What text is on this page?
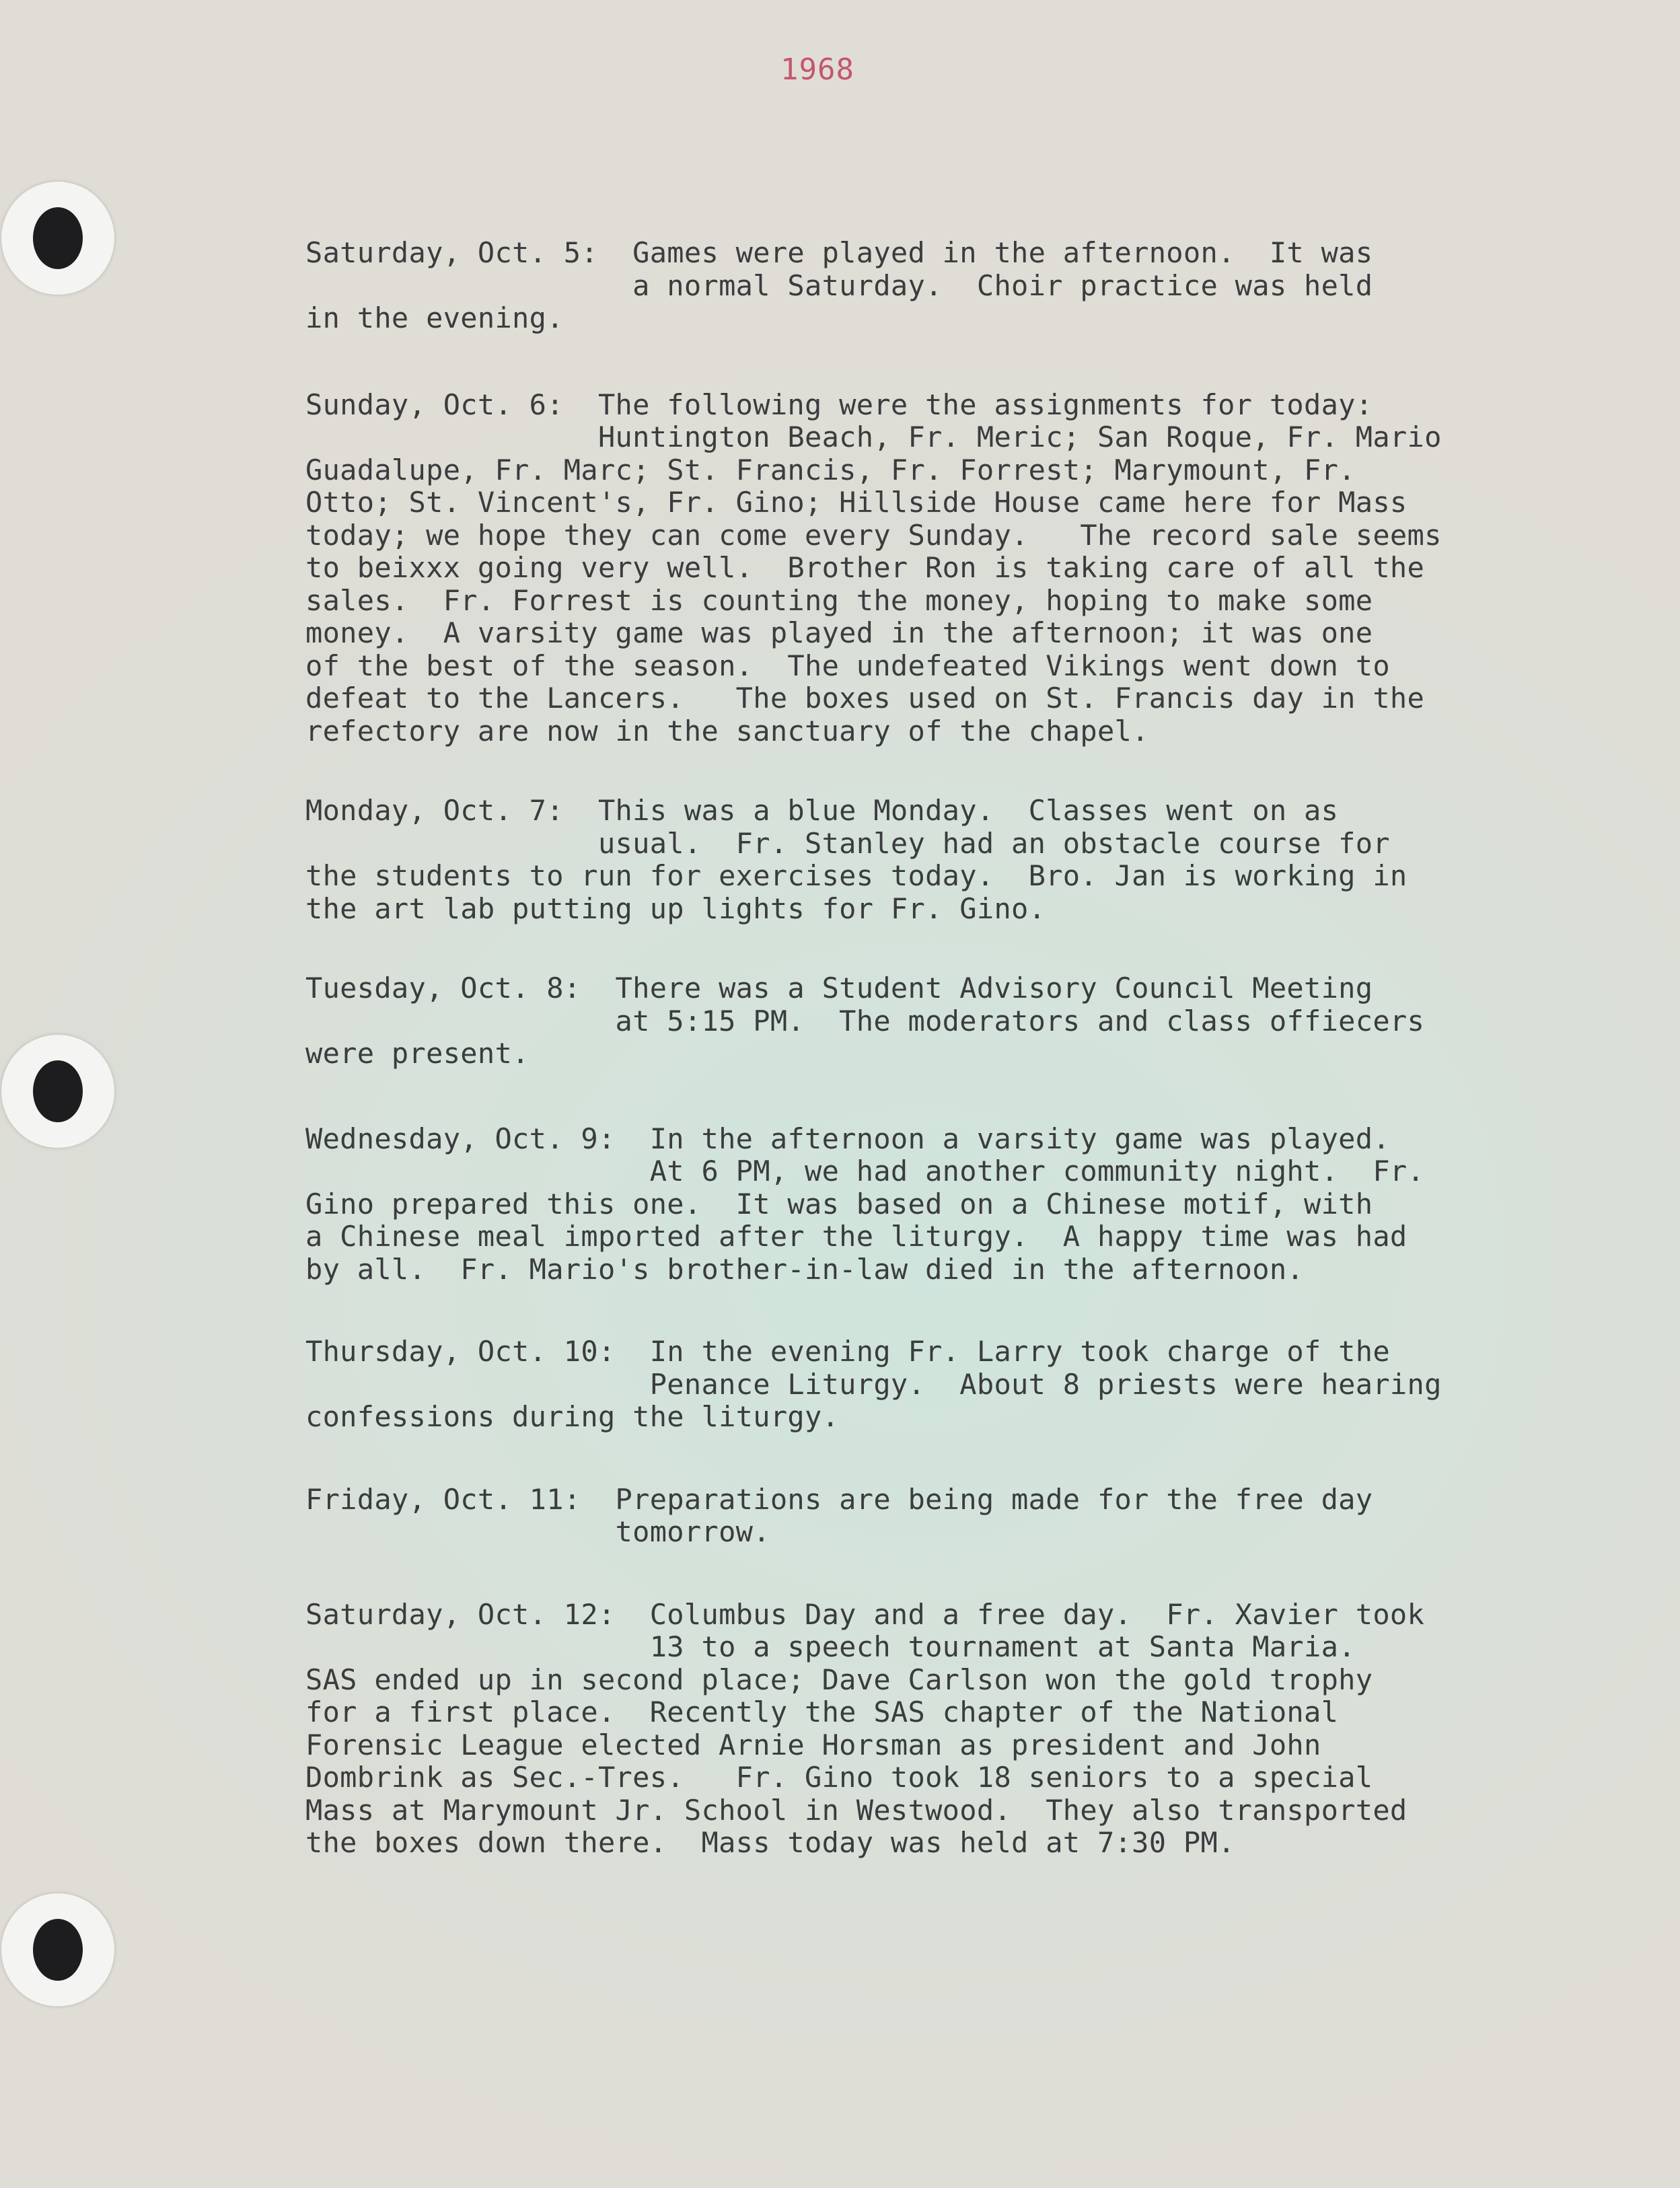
1968

Saturday, Oct. 5:  Games were played in the afternoon.  It was
a normal Saturday.  Choir practice was held
in the evening.

Sunday, Oct. 6:  The following were the assignments for today:
Huntington Beach, Fr. Meric; San Roque, Fr. Mario
Guadalupe, Fr. Marc; St. Francis, Fr. Forrest; Marymount, Fr.
Otto; St. Vincent's, Fr. Gino; Hillside House came here for Mass
today; we hope they can come every Sunday.   The record sale seems
to beixxx going very well.  Brother Ron is taking care of all the
sales.  Fr. Forrest is counting the money, hoping to make some
money.  A varsity game was played in the afternoon; it was one
of the best of the season.  The undefeated Vikings went down to
defeat to the Lancers.   The boxes used on St. Francis day in the
refectory are now in the sanctuary of the chapel.

Monday, Oct. 7:  This was a blue Monday.  Classes went on as
usual.  Fr. Stanley had an obstacle course for
the students to run for exercises today.  Bro. Jan is working in
the art lab putting up lights for Fr. Gino.

Tuesday, Oct. 8:  There was a Student Advisory Council Meeting
at 5:15 PM.  The moderators and class offiecers
were present.

Wednesday, Oct. 9:  In the afternoon a varsity game was played.
At 6 PM, we had another community night.  Fr.
Gino prepared this one.  It was based on a Chinese motif, with
a Chinese meal imported after the liturgy.  A happy time was had
by all.  Fr. Mario's brother-in-law died in the afternoon.

Thursday, Oct. 10:  In the evening Fr. Larry took charge of the
Penance Liturgy.  About 8 priests were hearing
confessions during the liturgy.

Friday, Oct. 11:  Preparations are being made for the free day
tomorrow.

Saturday, Oct. 12:  Columbus Day and a free day.  Fr. Xavier took
13 to a speech tournament at Santa Maria.
SAS ended up in second place; Dave Carlson won the gold trophy
for a first place.  Recently the SAS chapter of the National
Forensic League elected Arnie Horsman as president and John
Dombrink as Sec.-Tres.   Fr. Gino took 18 seniors to a special
Mass at Marymount Jr. School in Westwood.  They also transported
the boxes down there.  Mass today was held at 7:30 PM.
